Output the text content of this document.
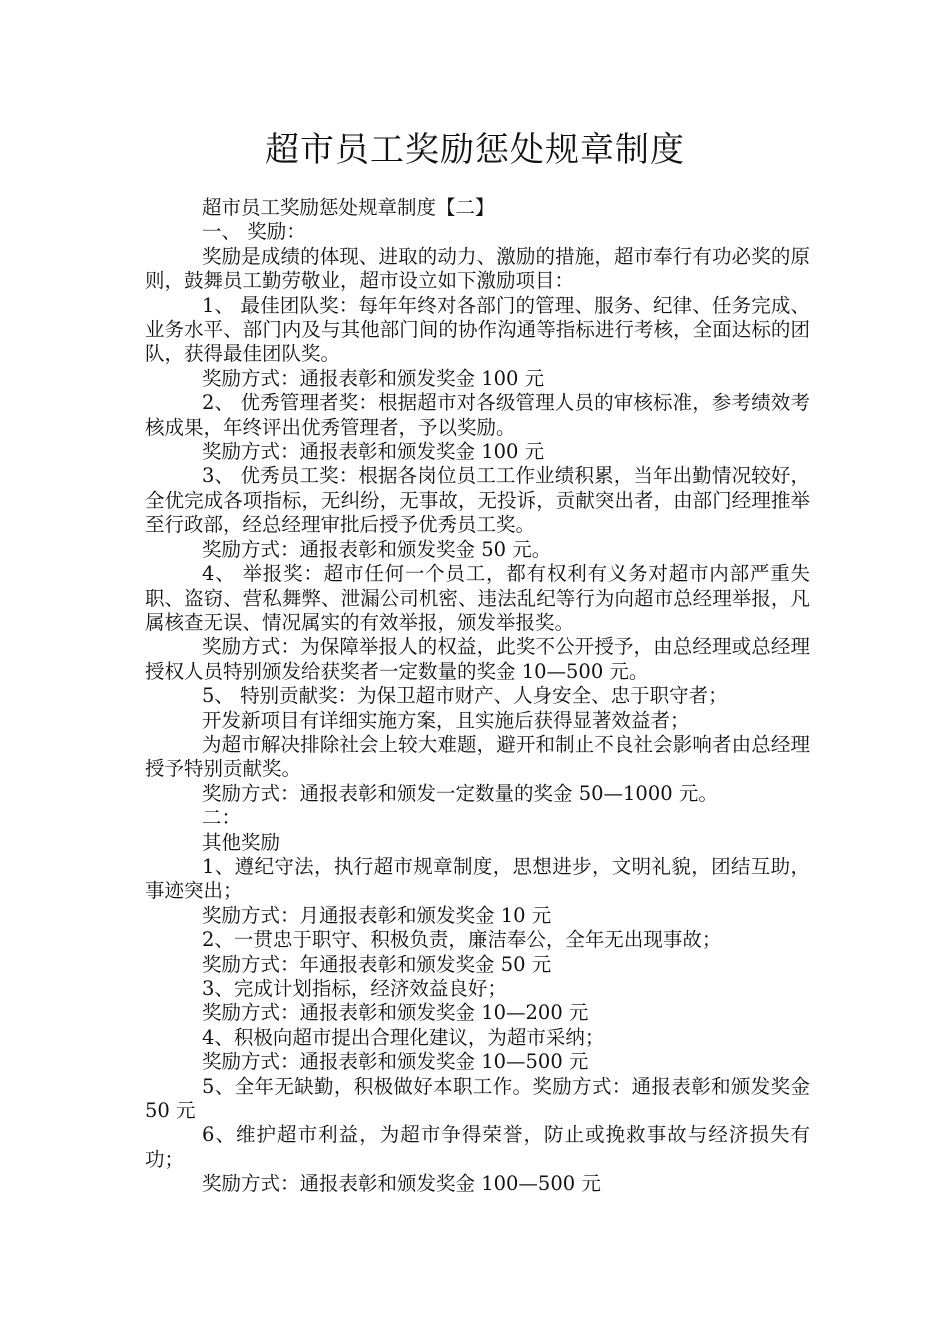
超市员工奖励惩处规章制度

超市员工奖励惩处规章制度【二】

一、 奖励：

奖励是成绩的体现、进取的动力、激励的措施，超市奉行有功必奖的原则，鼓舞员工勤劳敬业，超市设立如下激励项目：

1、 最佳团队奖：每年年终对各部门的管理、服务、纪律、任务完成、业务水平、部门内及与其他部门间的协作沟通等指标进行考核，全面达标的团队，获得最佳团队奖。

奖励方式：通报表彰和颁发奖金 100 元

2、 优秀管理者奖：根据超市对各级管理人员的审核标准，参考绩效考核成果，年终评出优秀管理者，予以奖励。

奖励方式：通报表彰和颁发奖金 100 元

3、 优秀员工奖：根据各岗位员工工作业绩积累，当年出勤情况较好，全优完成各项指标，无纠纷，无事故，无投诉，贡献突出者，由部门经理推举至行政部，经总经理审批后授予优秀员工奖。

奖励方式：通报表彰和颁发奖金 50 元。

4、 举报奖：超市任何一个员工，都有权利有义务对超市内部严重失职、盗窃、营私舞弊、泄漏公司机密、违法乱纪等行为向超市总经理举报，凡属核查无误、情况属实的有效举报，颁发举报奖。

奖励方式：为保障举报人的权益，此奖不公开授予，由总经理或总经理授权人员特别颁发给获奖者一定数量的奖金 10—500 元。

5、 特别贡献奖：为保卫超市财产、人身安全、忠于职守者；

开发新项目有详细实施方案，且实施后获得显著效益者；

为超市解决排除社会上较大难题，避开和制止不良社会影响者由总经理授予特别贡献奖。

奖励方式：通报表彰和颁发一定数量的奖金 50—1000 元。

二：

其他奖励

1、遵纪守法，执行超市规章制度，思想进步，文明礼貌，团结互助，事迹突出；

奖励方式：月通报表彰和颁发奖金 10 元

2、一贯忠于职守、积极负责，廉洁奉公，全年无出现事故；

奖励方式：年通报表彰和颁发奖金 50 元

3、完成计划指标，经济效益良好；

奖励方式：通报表彰和颁发奖金 10—200 元

4、积极向超市提出合理化建议，为超市采纳；

奖励方式：通报表彰和颁发奖金 10—500 元

5、全年无缺勤，积极做好本职工作。奖励方式：通报表彰和颁发奖金 50 元

6、维护超市利益，为超市争得荣誉，防止或挽救事故与经济损失有功；

奖励方式：通报表彰和颁发奖金 100—500 元
